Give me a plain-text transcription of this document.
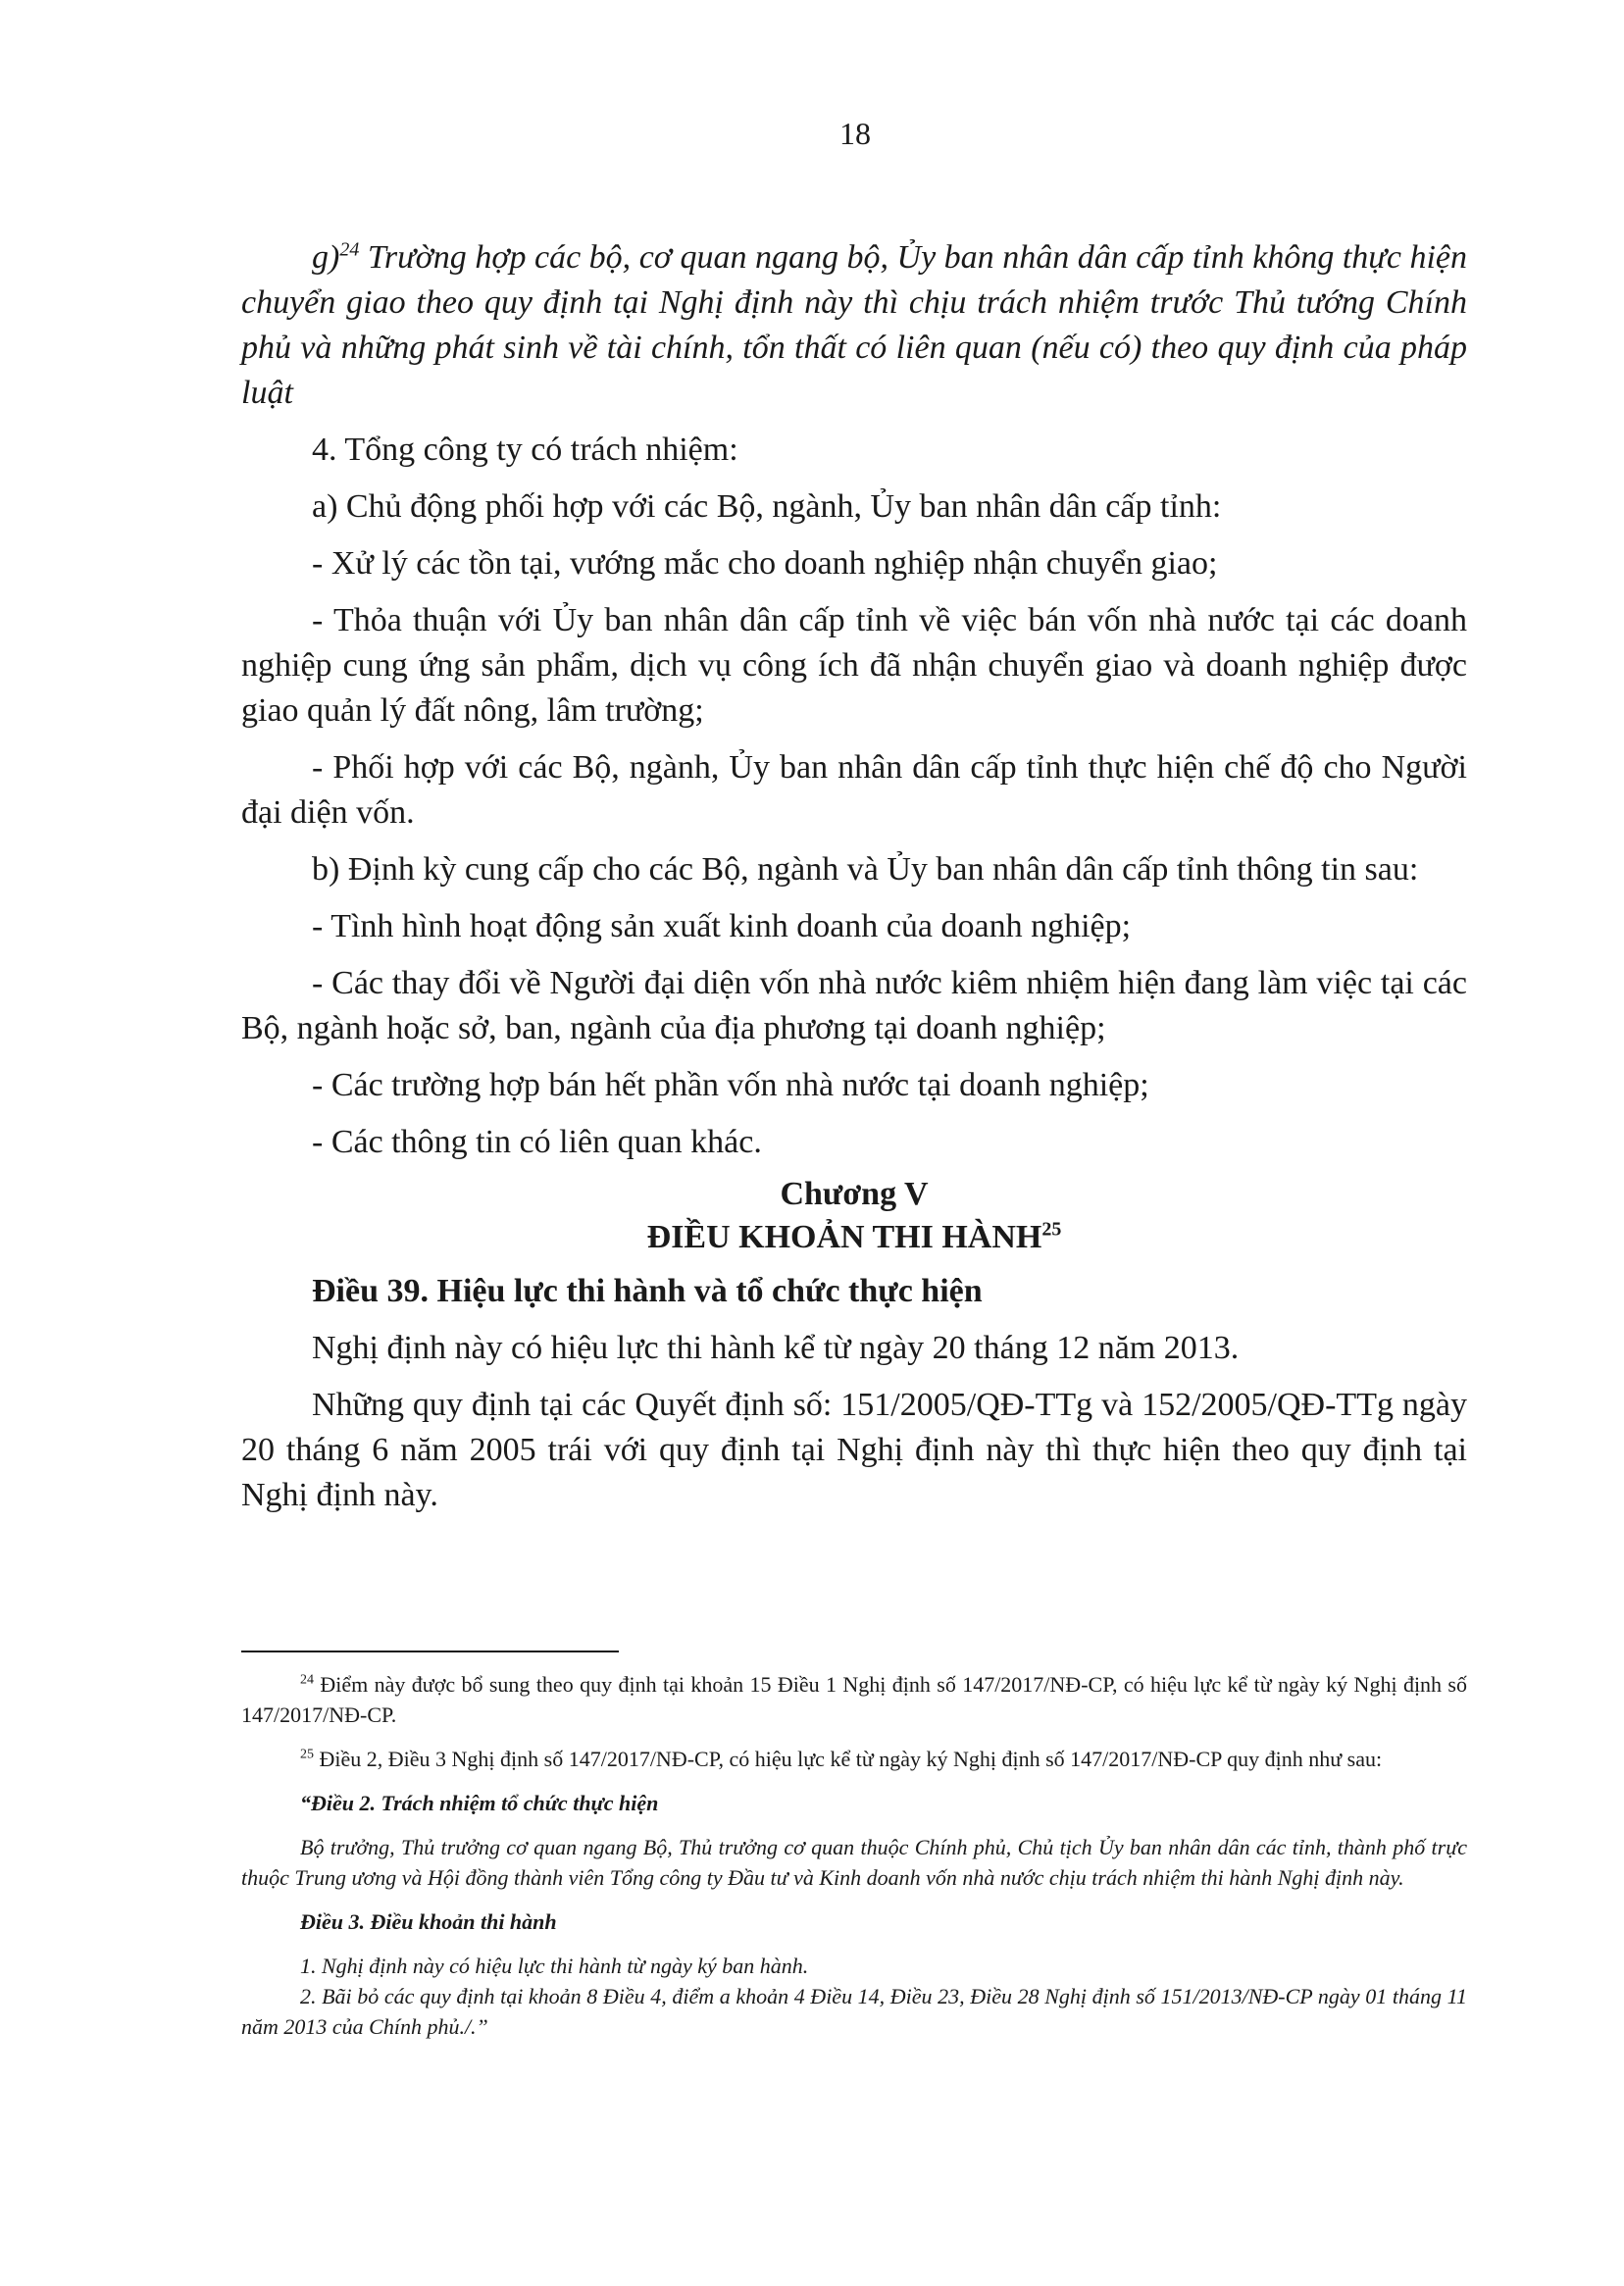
18

g)$^{24}$ Trường hợp các bộ, cơ quan ngang bộ, Ủy ban nhân dân cấp tỉnh không thực hiện chuyển giao theo quy định tại Nghị định này thì chịu trách nhiệm trước Thủ tướng Chính phủ và những phát sinh về tài chính, tổn thất có liên quan (nếu có) theo quy định của pháp luật

4. Tổng công ty có trách nhiệm:

a) Chủ động phối hợp với các Bộ, ngành, Ủy ban nhân dân cấp tỉnh:

- Xử lý các tồn tại, vướng mắc cho doanh nghiệp nhận chuyển giao;

- Thỏa thuận với Ủy ban nhân dân cấp tỉnh về việc bán vốn nhà nước tại các doanh nghiệp cung ứng sản phẩm, dịch vụ công ích đã nhận chuyển giao và doanh nghiệp được giao quản lý đất nông, lâm trường;

- Phối hợp với các Bộ, ngành, Ủy ban nhân dân cấp tỉnh thực hiện chế độ cho Người đại diện vốn.

b) Định kỳ cung cấp cho các Bộ, ngành và Ủy ban nhân dân cấp tỉnh thông tin sau:

- Tình hình hoạt động sản xuất kinh doanh của doanh nghiệp;

- Các thay đổi về Người đại diện vốn nhà nước kiêm nhiệm hiện đang làm việc tại các Bộ, ngành hoặc sở, ban, ngành của địa phương tại doanh nghiệp;

- Các trường hợp bán hết phần vốn nhà nước tại doanh nghiệp;

- Các thông tin có liên quan khác.

Chương V

ĐIỀU KHOẢN THI HÀNH$^{25}$

Điều 39. Hiệu lực thi hành và tổ chức thực hiện

Nghị định này có hiệu lực thi hành kể từ ngày 20 tháng 12 năm 2013.

Những quy định tại các Quyết định số: 151/2005/QĐ-TTg và 152/2005/QĐ-TTg ngày 20 tháng 6 năm 2005 trái với quy định tại Nghị định này thì thực hiện theo quy định tại Nghị định này.

$^{24}$ Điểm này được bổ sung theo quy định tại khoản 15 Điều 1 Nghị định số 147/2017/NĐ-CP, có hiệu lực kể từ ngày ký Nghị định số 147/2017/NĐ-CP.

$^{25}$ Điều 2, Điều 3 Nghị định số 147/2017/NĐ-CP, có hiệu lực kể từ ngày ký Nghị định số 147/2017/NĐ-CP quy định như sau:

“Điều 2. Trách nhiệm tổ chức thực hiện

Bộ trưởng, Thủ trưởng cơ quan ngang Bộ, Thủ trưởng cơ quan thuộc Chính phủ, Chủ tịch Ủy ban nhân dân các tỉnh, thành phố trực thuộc Trung ương và Hội đồng thành viên Tổng công ty Đầu tư và Kinh doanh vốn nhà nước chịu trách nhiệm thi hành Nghị định này.

Điều 3. Điều khoản thi hành

1. Nghị định này có hiệu lực thi hành từ ngày ký ban hành.

2. Bãi bỏ các quy định tại khoản 8 Điều 4, điểm a khoản 4 Điều 14, Điều 23, Điều 28 Nghị định số 151/2013/NĐ-CP ngày 01 tháng 11 năm 2013 của Chính phủ./.”
